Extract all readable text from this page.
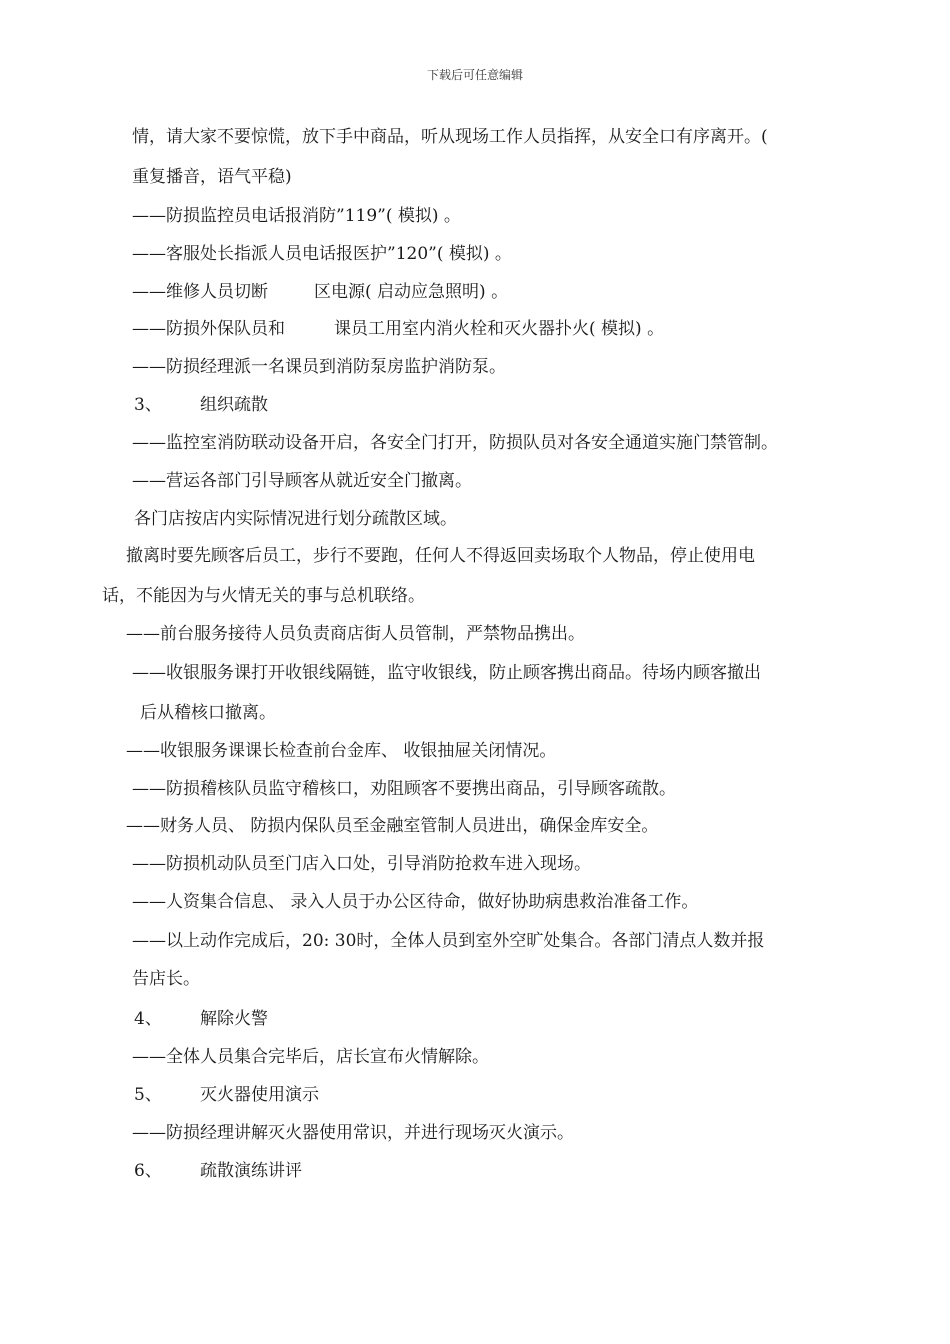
下载后可任意编辑
情，请大家不要惊慌，放下手中商品，听从现场工作人员指挥，从安全口有序离开。(
重复播音，语气平稳)
——防损监控员电话报消防”119”( 模拟) 。
——客服处长指派人员电话报医护”120”( 模拟) 。
——维修人员切断	区电源( 启动应急照明) 。
——防损外保队员和	课员工用室内消火栓和灭火器扑火( 模拟) 。
——防损经理派一名课员到消防泵房监护消防泵。
3、 组织疏散
——监控室消防联动设备开启，各安全门打开，防损队员对各安全通道实施门禁管制。
——营运各部门引导顾客从就近安全门撤离。
各门店按店内实际情况进行划分疏散区域。
撤离时要先顾客后员工，步行不要跑，任何人不得返回卖场取个人物品，停止使用电
话，不能因为与火情无关的事与总机联络。
——前台服务接待人员负责商店街人员管制，严禁物品携出。
——收银服务课打开收银线隔链，监守收银线，防止顾客携出商品。待场内顾客撤出
后从稽核口撤离。
——收银服务课课长检查前台金库、 收银抽屉关闭情况。
——防损稽核队员监守稽核口，劝阻顾客不要携出商品，引导顾客疏散。
——财务人员、 防损内保队员至金融室管制人员进出，确保金库安全。
——防损机动队员至门店入口处，引导消防抢救车进入现场。
——人资集合信息、 录入人员于办公区待命，做好协助病患救治准备工作。
——以上动作完成后，20: 30时，全体人员到室外空旷处集合。各部门清点人数并报
告店长。
4、 解除火警
——全体人员集合完毕后，店长宣布火情解除。
5、 灭火器使用演示
——防损经理讲解灭火器使用常识，并进行现场灭火演示。
6、 疏散演练讲评
